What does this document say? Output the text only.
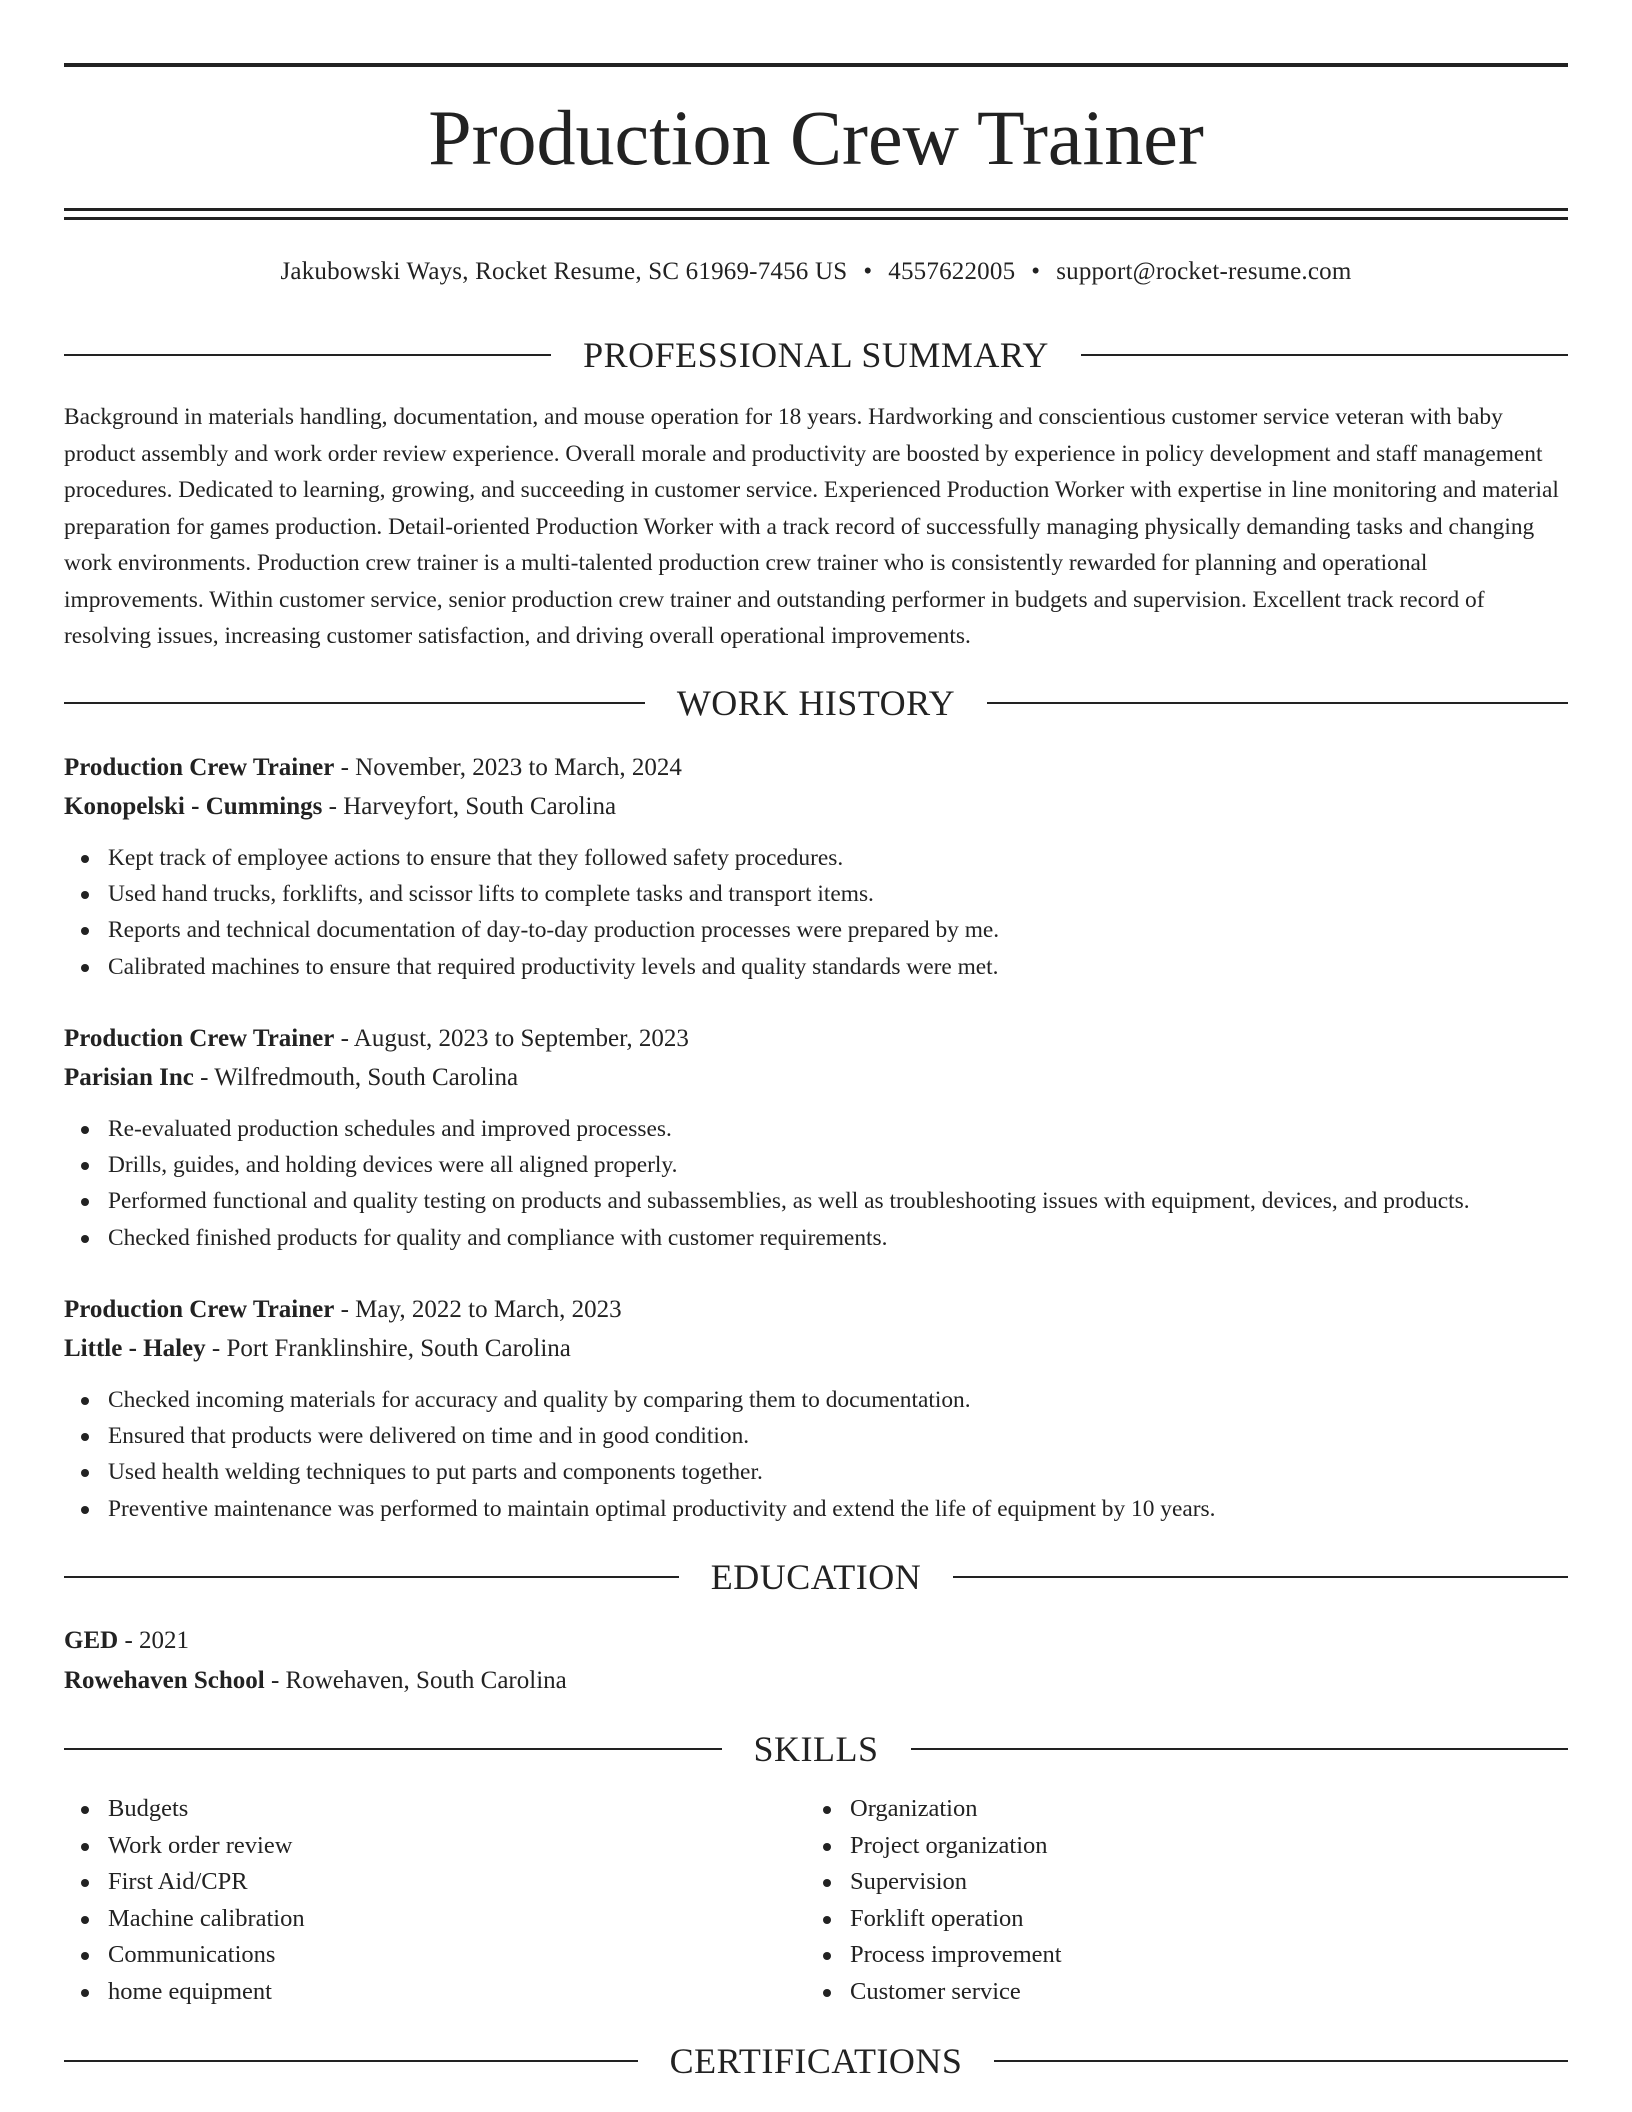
Production Crew Trainer
Jakubowski Ways, Rocket Resume, SC 61969-7456 US • 4557622005 • support@rocket-resume.com
PROFESSIONAL SUMMARY

Background in materials handling, documentation, and mouse operation for 18 years. Hardworking and conscientious customer service veteran with baby product assembly and work order review experience. Overall morale and productivity are boosted by experience in policy development and staff management procedures. Dedicated to learning, growing, and succeeding in customer service. Experienced Production Worker with expertise in line monitoring and material preparation for games production. Detail-oriented Production Worker with a track record of successfully managing physically demanding tasks and changing work environments. Production crew trainer is a multi-talented production crew trainer who is consistently rewarded for planning and operational improvements. Within customer service, senior production crew trainer and outstanding performer in budgets and supervision. Excellent track record of resolving issues, increasing customer satisfaction, and driving overall operational improvements.

WORK HISTORY
Production Crew Trainer - November, 2023 to March, 2024
Konopelski - Cummings - Harveyfort, South Carolina
Kept track of employee actions to ensure that they followed safety procedures.
Used hand trucks, forklifts, and scissor lifts to complete tasks and transport items.
Reports and technical documentation of day-to-day production processes were prepared by me.
Calibrated machines to ensure that required productivity levels and quality standards were met.
Production Crew Trainer - August, 2023 to September, 2023
Parisian Inc - Wilfredmouth, South Carolina
Re-evaluated production schedules and improved processes.
Drills, guides, and holding devices were all aligned properly.
Performed functional and quality testing on products and subassemblies, as well as troubleshooting issues with equipment, devices, and products.
Checked finished products for quality and compliance with customer requirements.
Production Crew Trainer - May, 2022 to March, 2023
Little - Haley - Port Franklinshire, South Carolina
Checked incoming materials for accuracy and quality by comparing them to documentation.
Ensured that products were delivered on time and in good condition.
Used health welding techniques to put parts and components together.
Preventive maintenance was performed to maintain optimal productivity and extend the life of equipment by 10 years.
EDUCATION
GED - 2021
Rowehaven School - Rowehaven, South Carolina
SKILLS
Budgets
Work order review
First Aid/CPR
Machine calibration
Communications
home equipment
Organization
Project organization
Supervision
Forklift operation
Process improvement
Customer service
CERTIFICATIONS
